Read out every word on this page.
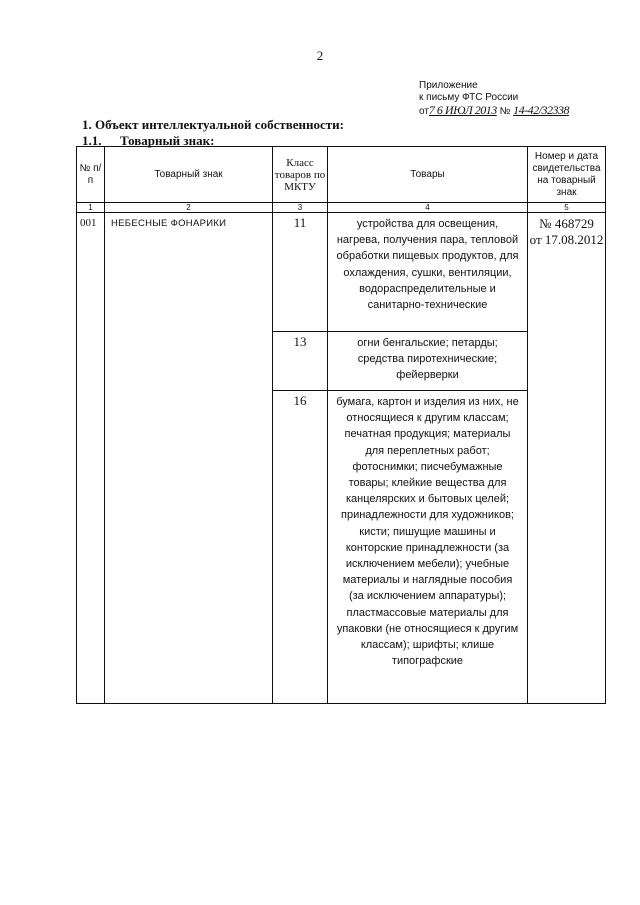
2
Приложение
к письму ФТС России
от7 6 ИЮЛ 2013 № 14-42/32338
1. Объект интеллектуальной собственности:
1.1. Товарный знак:
№ п/п	Товарный знак	Класс товаров по МКТУ	Товары	Номер и дата свидетельства на товарный знак
1	2	3	4	5
001	НЕБЕСНЫЕ ФОНАРИКИ	11	устройства для освещения, нагрева, получения пара, тепловой обработки пищевых продуктов, для охлаждения, сушки, вентиляции, водораспределительные и санитарно-технические	№ 468729
от 17.08.2012

		13	огни бенгальские; петарды; средства пиротехнические; фейерверки	
		16	бумага, картон и изделия из них, не относящиеся к другим классам; печатная продукция; материалы для переплетных работ; фотоснимки; писчебумажные товары; клейкие вещества для канцелярских и бытовых целей; принадлежности для художников; кисти; пишущие машины и конторские принадлежности (за исключением мебели); учебные материалы и наглядные пособия (за исключением аппаратуры); пластмассовые материалы для упаковки (не относящиеся к другим классам); шрифты; клише типографские	
